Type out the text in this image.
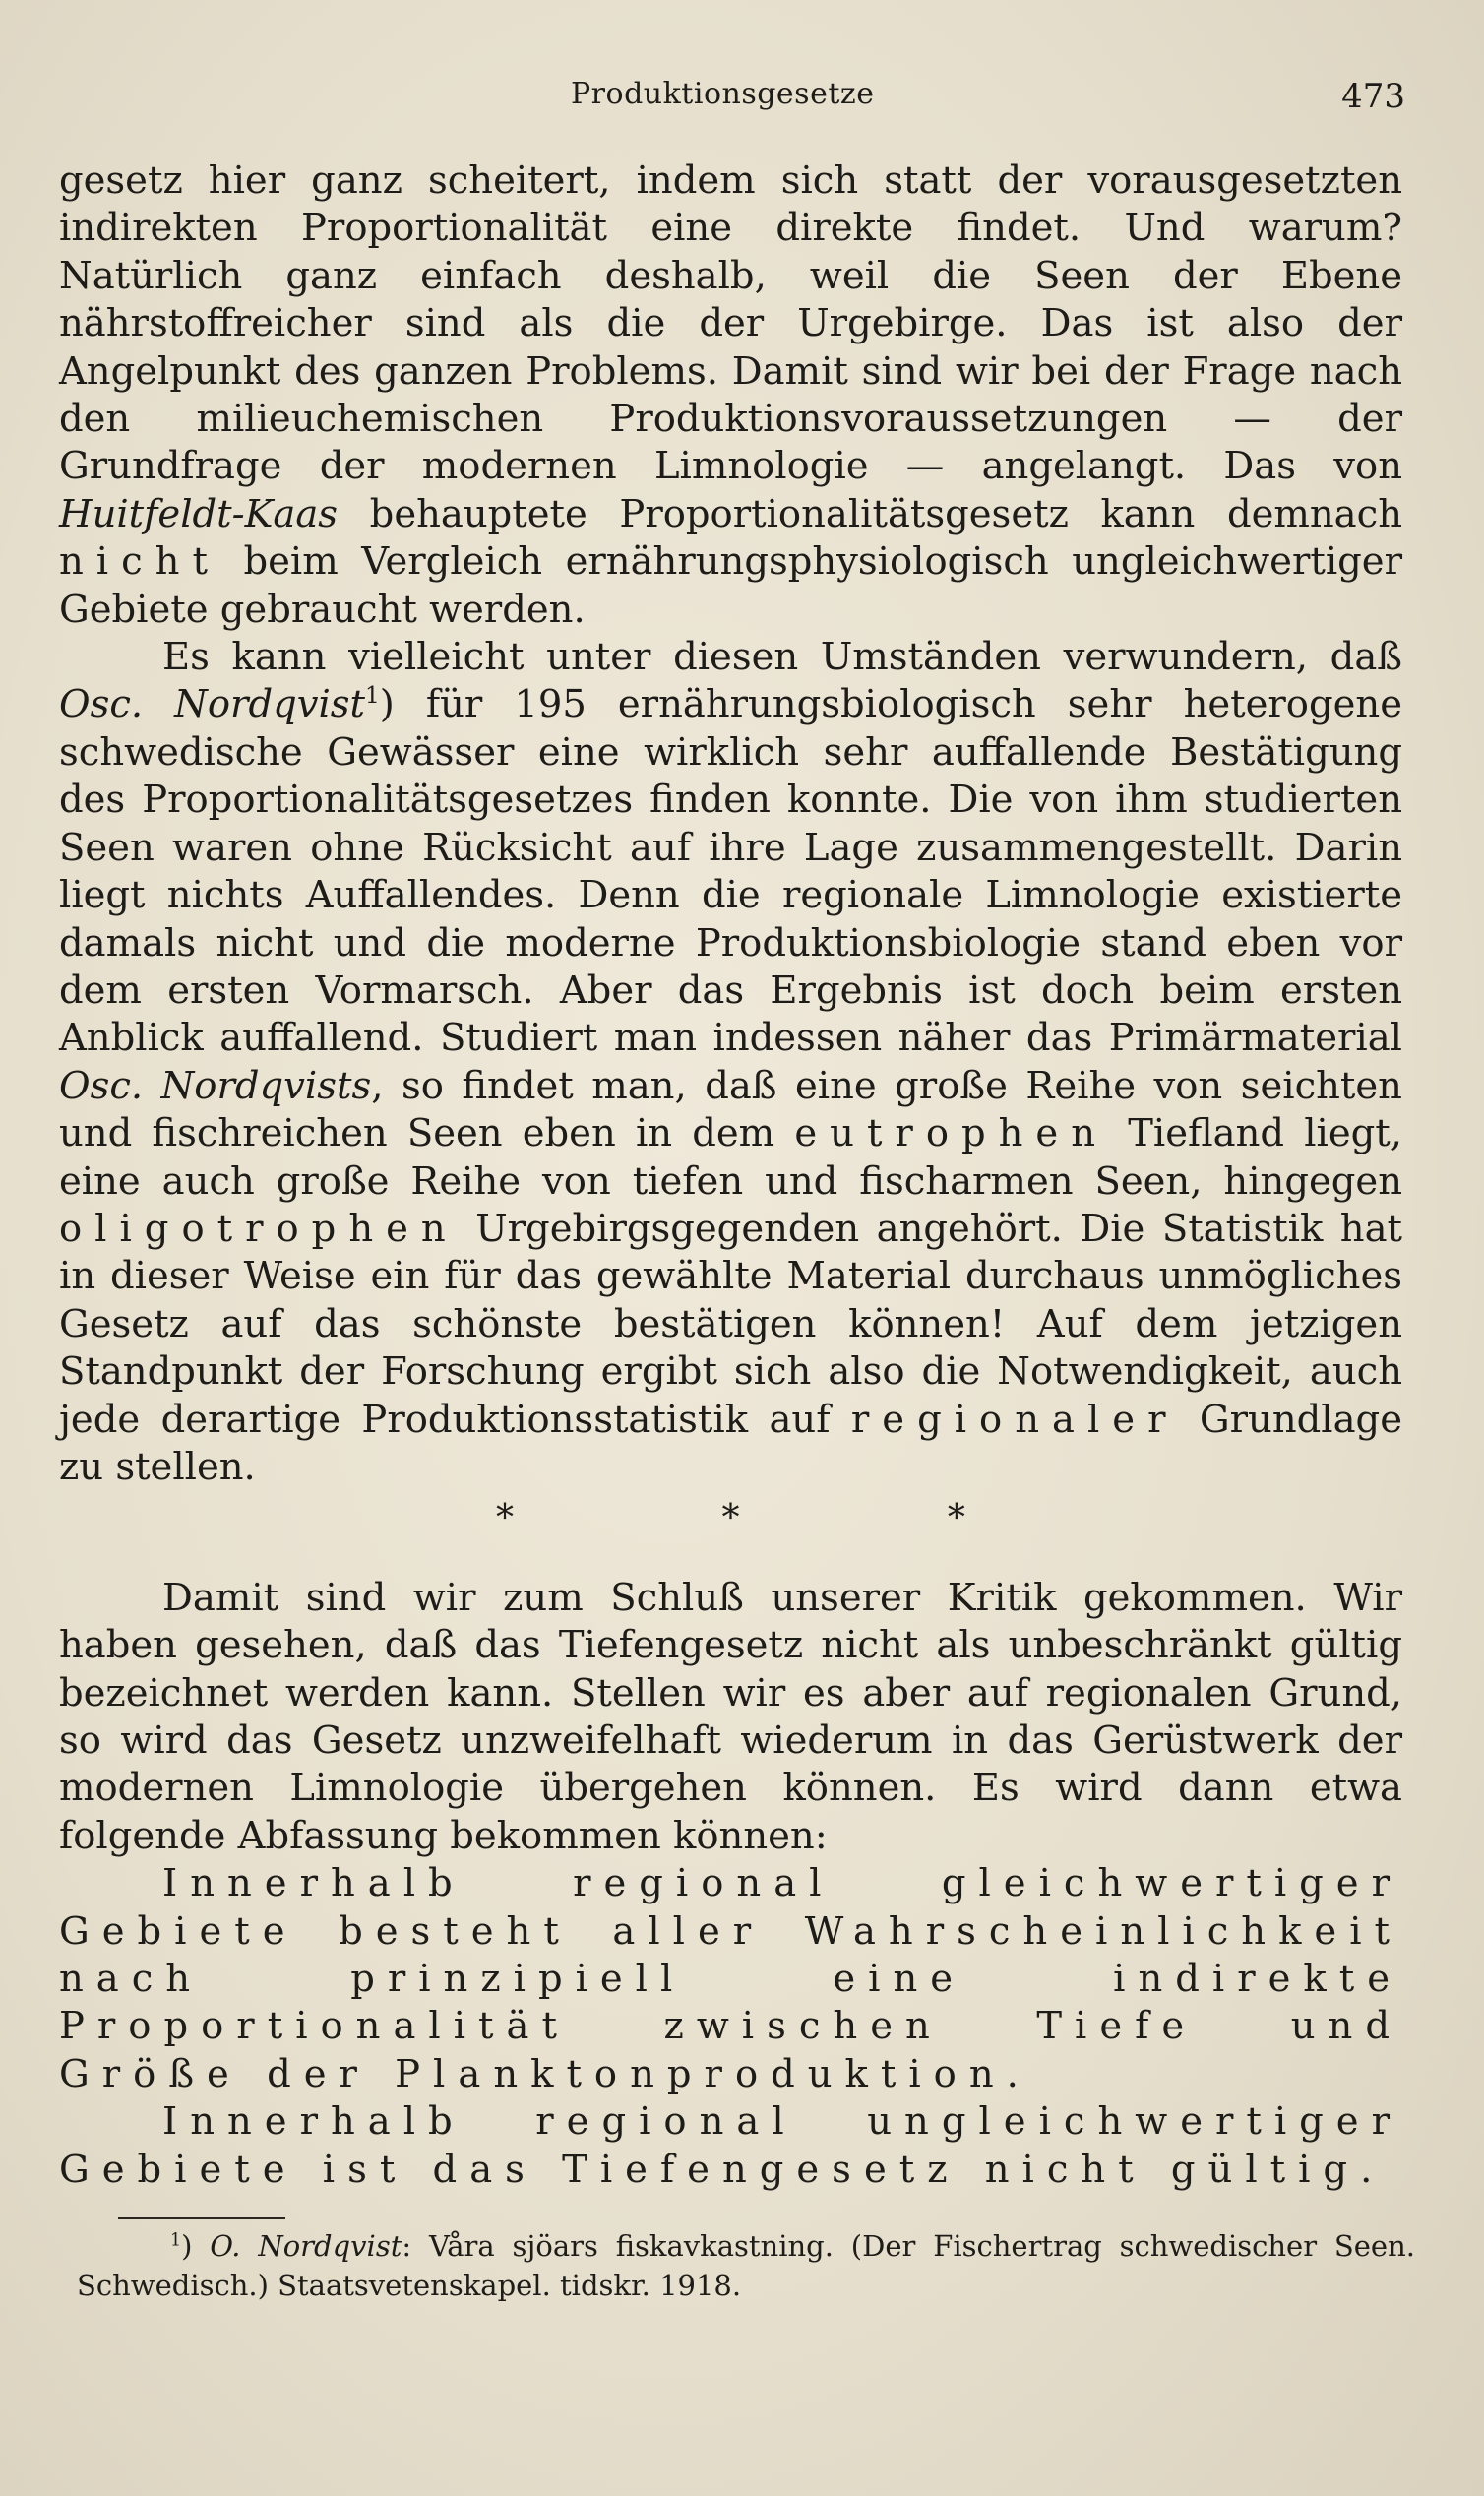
Produktionsgesetze	473

gesetz hier ganz scheitert, indem sich statt der vorausgesetzten indirekten Proportionalität eine direkte findet. Und warum? Natürlich ganz einfach deshalb, weil die Seen der Ebene nährstoffreicher sind als die der Urgebirge. Das ist also der Angelpunkt des ganzen Problems. Damit sind wir bei der Frage nach den milieuchemischen Produktionsvoraussetzungen — der Grundfrage der modernen Limnologie — angelangt. Das von Huitfeldt-Kaas behauptete Proportionalitätsgesetz kann demnach nicht beim Vergleich ernährungsphysiologisch ungleichwertiger Gebiete gebraucht werden.

Es kann vielleicht unter diesen Umständen verwundern, daß Osc. Nordqvist$^1$) für 195 ernährungsbiologisch sehr heterogene schwedische Gewässer eine wirklich sehr auffallende Bestätigung des Proportionalitätsgesetzes finden konnte. Die von ihm studierten Seen waren ohne Rücksicht auf ihre Lage zusammengestellt. Darin liegt nichts Auffallendes. Denn die regionale Limnologie existierte damals nicht und die moderne Produktionsbiologie stand eben vor dem ersten Vormarsch. Aber das Ergebnis ist doch beim ersten Anblick auffallend. Studiert man indessen näher das Primärmaterial Osc. Nordqvists, so findet man, daß eine große Reihe von seichten und fischreichen Seen eben in dem eutrophen Tiefland liegt, eine auch große Reihe von tiefen und fischarmen Seen, hingegen oligotrophen Urgebirgsgegenden angehört. Die Statistik hat in dieser Weise ein für das gewählte Material durchaus unmögliches Gesetz auf das schönste bestätigen können! Auf dem jetzigen Standpunkt der Forschung ergibt sich also die Notwendigkeit, auch jede derartige Produktionsstatistik auf regionaler Grundlage zu stellen.

* * *

Damit sind wir zum Schluß unserer Kritik gekommen. Wir haben gesehen, daß das Tiefengesetz nicht als unbeschränkt gültig bezeichnet werden kann. Stellen wir es aber auf regionalen Grund, so wird das Gesetz unzweifelhaft wiederum in das Gerüstwerk der modernen Limnologie übergehen können. Es wird dann etwa folgende Abfassung bekommen können:

Innerhalb regional gleichwertiger Gebiete besteht aller Wahrscheinlichkeit nach prinzipiell eine indirekte Proportionalität zwischen Tiefe und Größe der Planktonproduktion.

Innerhalb regional ungleichwertiger Gebiete ist das Tiefengesetz nicht gültig.

$^1$) O. Nordqvist: Våra sjöars fiskavkastning. (Der Fischertrag schwedischer Seen. Schwedisch.) Staatsvetenskapel. tidskr. 1918.
